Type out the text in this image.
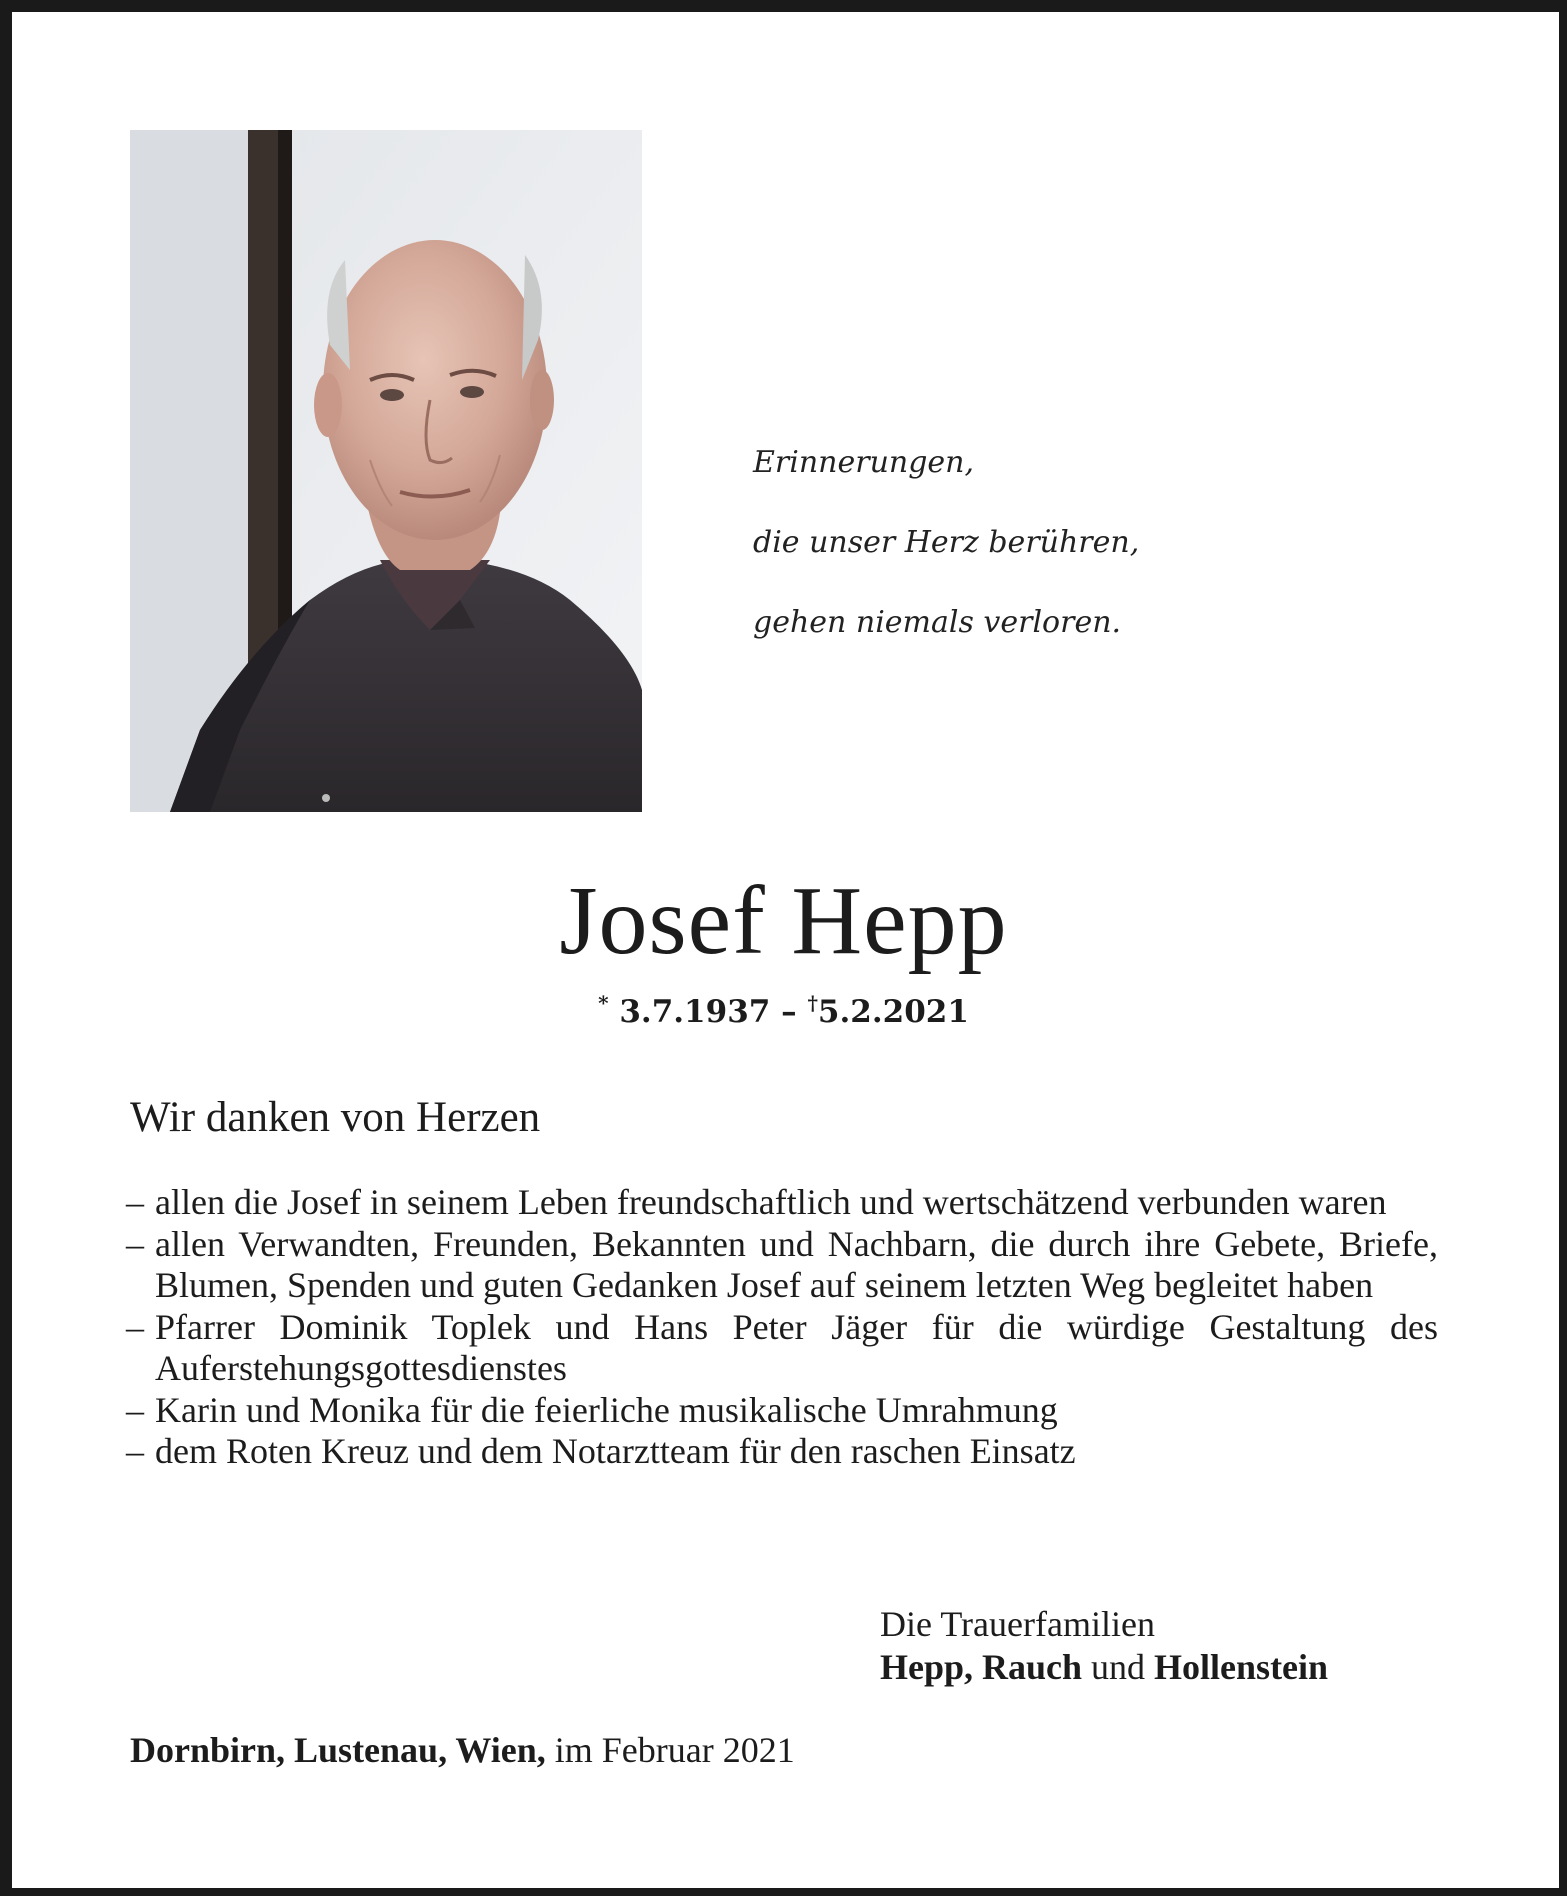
Erinnerungen,

die unser Herz berühren,

gehen niemals verloren.

Josef Hepp
* 3.7.1937 – †5.2.2021
Wir danken von Herzen
– allen die Josef in seinem Leben freundschaftlich und wertschätzend verbunden waren
– allen Verwandten, Freunden, Bekannten und Nachbarn, die durch ihre Gebete, Briefe, Blumen, Spenden und guten Gedanken Josef auf seinem letzten Weg begleitet haben
– Pfarrer Dominik Toplek und Hans Peter Jäger für die würdige Gestaltung des Auferstehungsgottesdienstes
– Karin und Monika für die feierliche musikalische Umrahmung
– dem Roten Kreuz und dem Notarztteam für den raschen Einsatz
Die Trauerfamilien
Hepp, Rauch und Hollenstein
Dornbirn, Lustenau, Wien, im Februar 2021
